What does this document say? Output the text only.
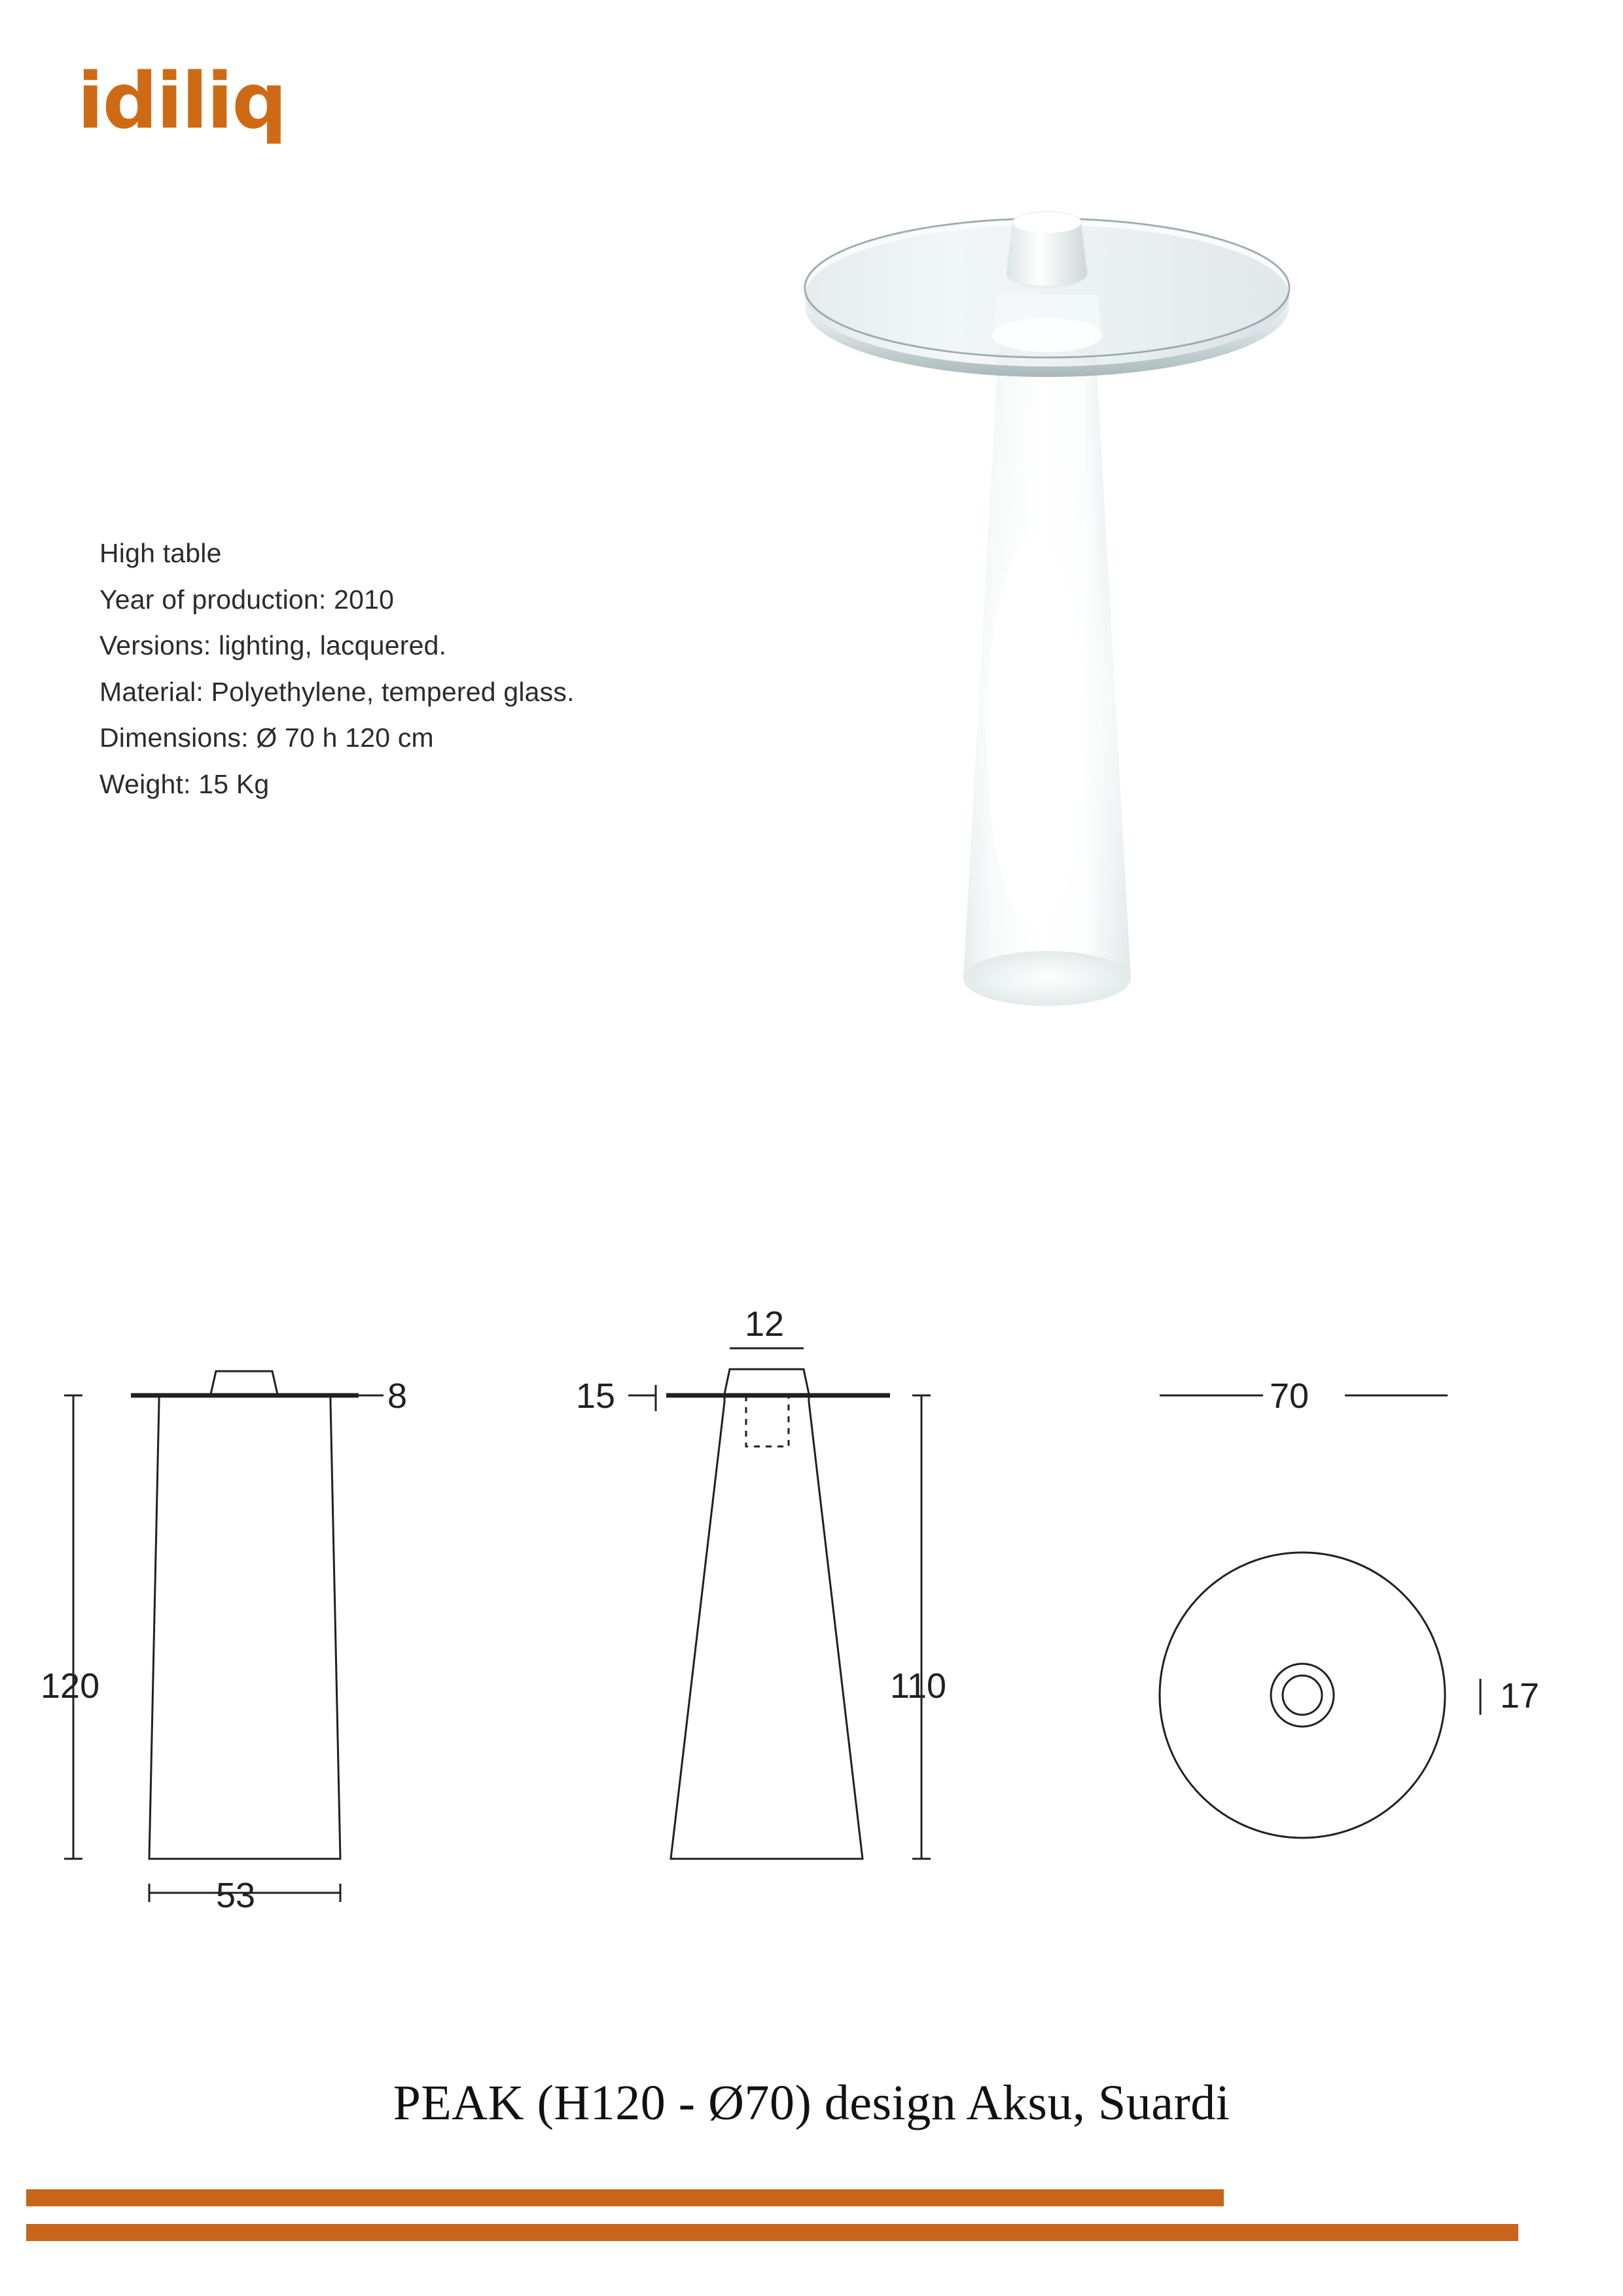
idiliq
High table
Year of production: 2010
Versions: lighting, lacquered.
Material: Polyethylene, tempered glass.
Dimensions: Ø 70 h 120 cm
Weight: 15 Kg
120
53
8
12
15
110
70
17
PEAK (H120 - Ø70) design Aksu, Suardi
